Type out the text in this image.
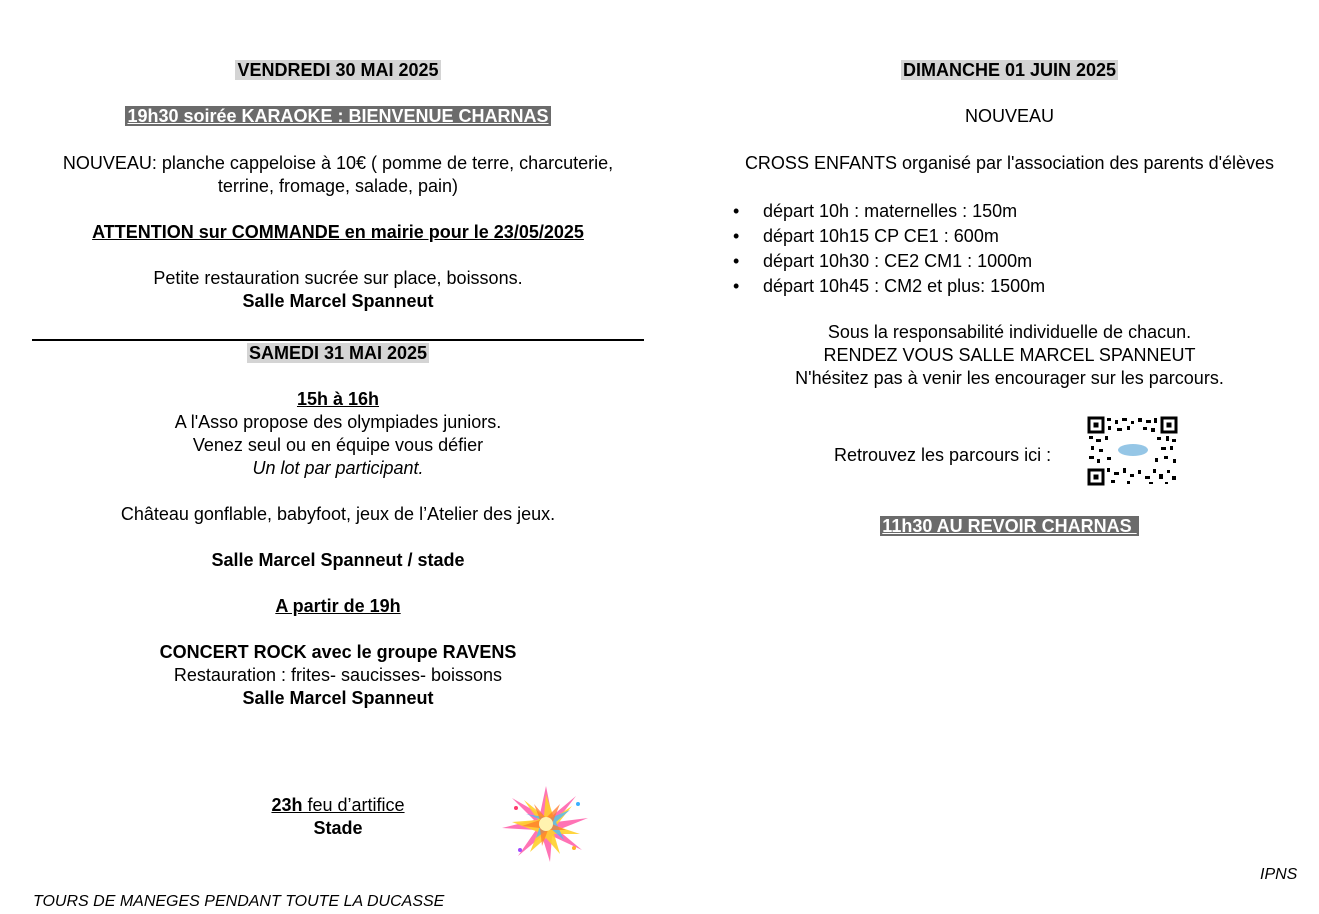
VENDREDI 30 MAI 2025
19h30 soirée KARAOKE : BIENVENUE CHARNAS
NOUVEAU: planche cappeloise à 10€ ( pomme de terre, charcuterie,
terrine, fromage, salade, pain)
ATTENTION sur COMMANDE en mairie pour le 23/05/2025
Petite restauration sucrée sur place, boissons.
Salle Marcel Spanneut
SAMEDI 31 MAI 2025
15h à 16h
A l'Asso propose des olympiades juniors.
Venez seul ou en équipe vous défier
Un lot par participant.
Château gonflable, babyfoot, jeux de l’Atelier des jeux.
Salle Marcel Spanneut / stade
A partir de 19h
CONCERT ROCK avec le groupe RAVENS
Restauration : frites- saucisses- boissons
Salle Marcel Spanneut
23h feu d’artifice
Stade
DIMANCHE 01 JUIN 2025
NOUVEAU
CROSS ENFANTS organisé par l'association des parents d'élèves
• départ 10h : maternelles : 150m
• départ 10h15 CP CE1 : 600m
• départ 10h30 : CE2 CM1 : 1000m
• départ 10h45 : CM2 et plus: 1500m
Sous la responsabilité individuelle de chacun.
RENDEZ VOUS SALLE MARCEL SPANNEUT
N'hésitez pas à venir les encourager sur les parcours.
Retrouvez les parcours ici :
11h30 AU REVOIR CHARNAS
TOURS DE MANEGES PENDANT TOUTE LA DUCASSE
IPNS
